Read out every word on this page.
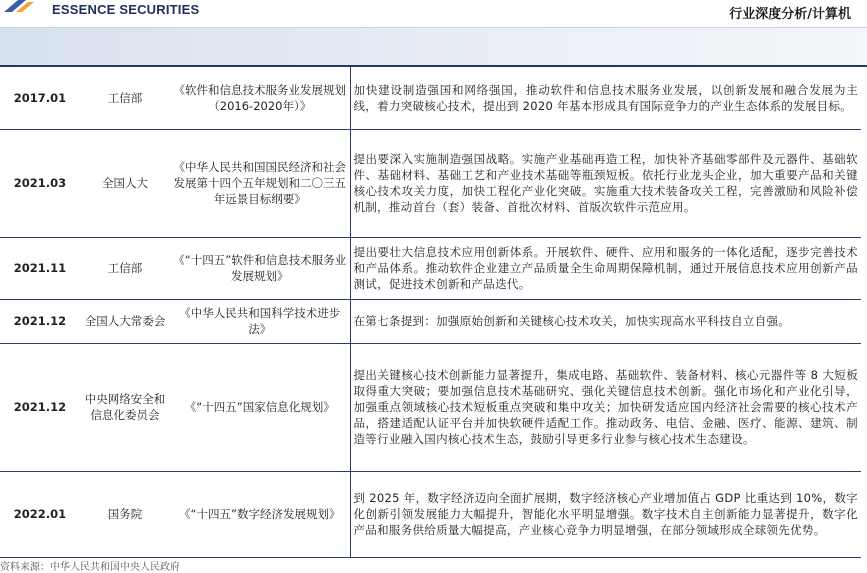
ESSENCE SECURITIES	行业深度分析/计算机
2017.01	工信部	《软件和信息技术服务业发展规划（2016-2020年）》	加快建设制造强国和网络强国，推动软件和信息技术服务业发展，以创新发展和融合发展为主线，着力突破核心技术，提出到 2020 年基本形成具有国际竞争力的产业生态体系的发展目标。
2021.03	全国人大	《中华人民共和国国民经济和社会发展第十四个五年规划和二〇三五年远景目标纲要》	提出要深入实施制造强国战略。实施产业基础再造工程，加快补齐基础零部件及元器件、基础软件、基础材料、基础工艺和产业技术基础等瓶颈短板。依托行业龙头企业，加大重要产品和关键核心技术攻关力度，加快工程化产业化突破。实施重大技术装备攻关工程，完善激励和风险补偿机制，推动首台（套）装备、首批次材料、首版次软件示范应用。
2021.11	工信部	《“十四五”软件和信息技术服务业发展规划》	提出要壮大信息技术应用创新体系。开展软件、硬件、应用和服务的一体化适配，逐步完善技术和产品体系。推动软件企业建立产品质量全生命周期保障机制，通过开展信息技术应用创新产品测试，促进技术创新和产品迭代。
2021.12	全国人大常委会	《中华人民共和国科学技术进步法》	在第七条提到：加强原始创新和关键核心技术攻关，加快实现高水平科技自立自强。
2021.12	中央网络安全和信息化委员会	《“十四五”国家信息化规划》	提出关键核心技术创新能力显著提升，集成电路、基础软件、装备材料、核心元器件等 8 大短板取得重大突破；要加强信息技术基础研究、强化关键信息技术创新。强化市场化和产业化引导，加强重点领域核心技术短板重点突破和集中攻关；加快研发适应国内经济社会需要的核心技术产品，搭建适配认证平台并加快软硬件适配工作。推动政务、电信、金融、医疗、能源、建筑、制造等行业融入国内核心技术生态，鼓励引导更多行业参与核心技术生态建设。
2022.01	国务院	《“十四五”数字经济发展规划》	到 2025 年，数字经济迈向全面扩展期，数字经济核心产业增加值占 GDP 比重达到 10%，数字化创新引领发展能力大幅提升，智能化水平明显增强。数字技术自主创新能力显著提升，数字化产品和服务供给质量大幅提高，产业核心竞争力明显增强，在部分领域形成全球领先优势。
资料来源：中华人民共和国中央人民政府
